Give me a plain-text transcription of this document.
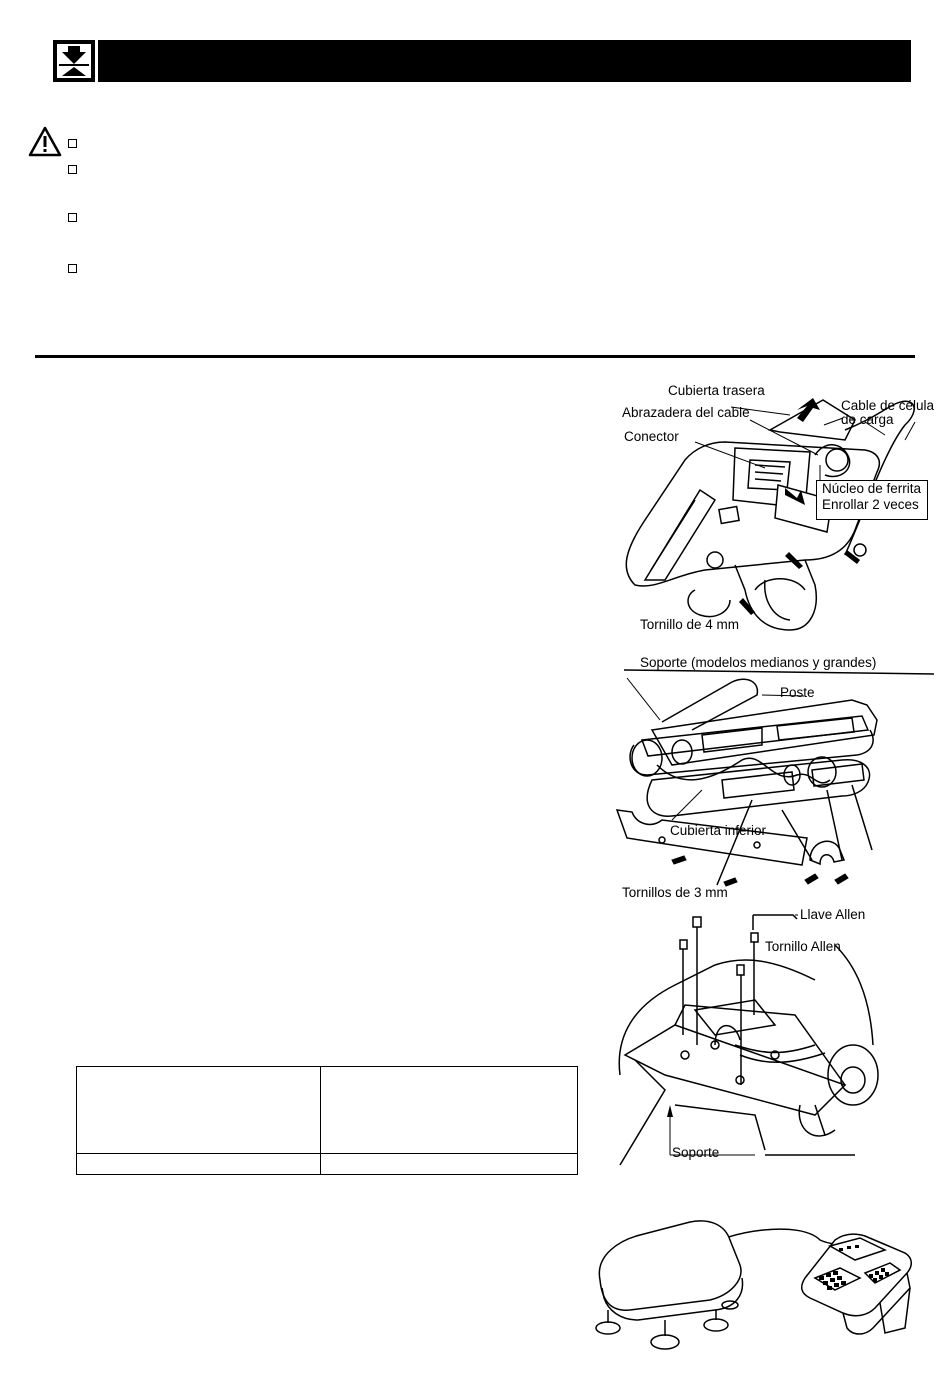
Cubierta trasera
Abrazadera del cable
Conector
Cable de célula
de carga
Núcleo de ferrita
Enrollar 2 veces
Tornillo de 4 mm
Soporte (modelos medianos y grandes)
Poste
Cubierta inferior
Tornillos de 3 mm
Llave Allen
Tornillo Allen
Soporte
